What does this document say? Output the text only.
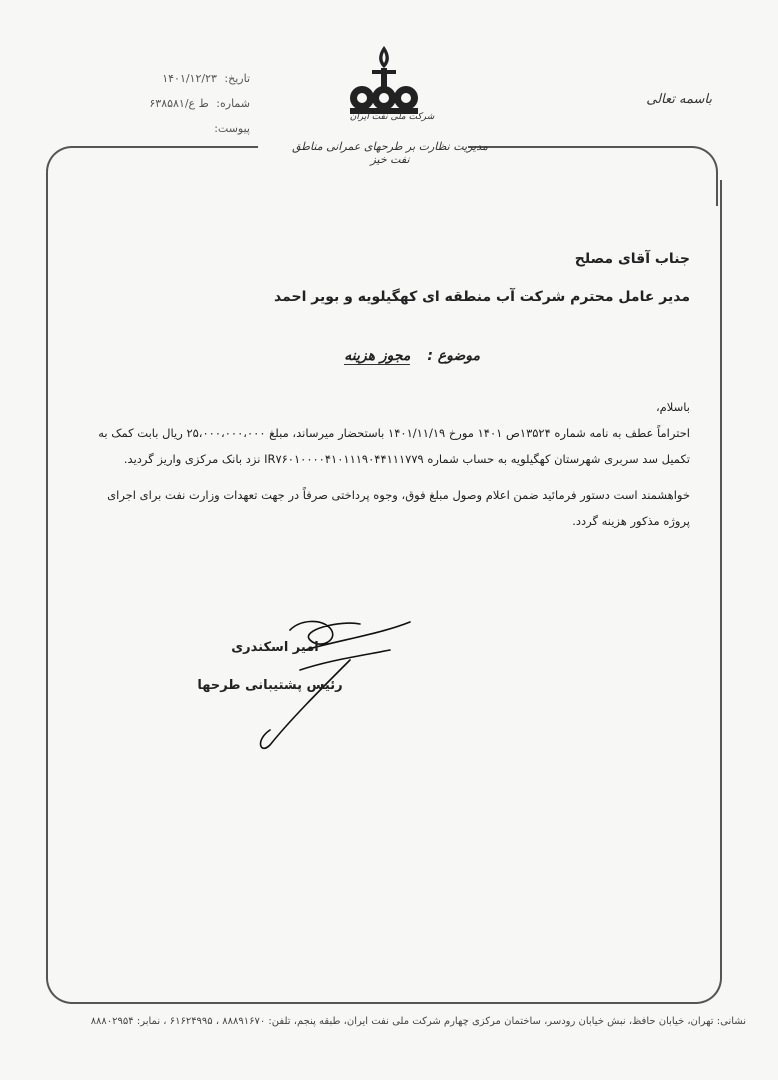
تاریخ: ۱۴۰۱/۱۲/۲۳
شماره: ط ع/۶۳۸۵۸۱
پیوست:
باسمه تعالی
شرکت ملی نفت ایران
مدیریت نظارت بر طرحهای عمرانی مناطق نفت خیز
جناب آقای مصلح
مدیر عامل محترم شرکت آب منطقه ای کهگیلویه و بویر احمد
موضوع : مجوز هزینه

باسلام،

احتراماً عطف به نامه شماره ۱۳۵۲۴ص ۱۴۰۱ مورخ ۱۴۰۱/۱۱/۱۹ باستحضار میرساند، مبلغ ۲۵،۰۰۰،۰۰۰،۰۰۰ ریال بابت کمک به تکمیل سد سربری شهرستان کهگیلویه به حساب شماره IR۷۶۰۱۰۰۰۰۴۱۰۱۱۱۹۰۴۴۱۱۱۷۷۹ نزد بانک مرکزی واریز گردید.

خواهشمند است دستور فرمائید ضمن اعلام وصول مبلغ فوق، وجوه پرداختی صرفاً در جهت تعهدات وزارت نفت برای اجرای پروژه مذکور هزینه گردد.

امیر اسکندری
رئیس پشتیبانی طرحها
نشانی: تهران، خیابان حافظ، نبش خیابان رودسر، ساختمان مرکزی چهارم شرکت ملی نفت ایران، طبقه پنجم، تلفن: ۸۸۸۹۱۶۷۰ ، ۶۱۶۲۴۹۹۵ ، نمابر: ۸۸۸۰۲۹۵۴
